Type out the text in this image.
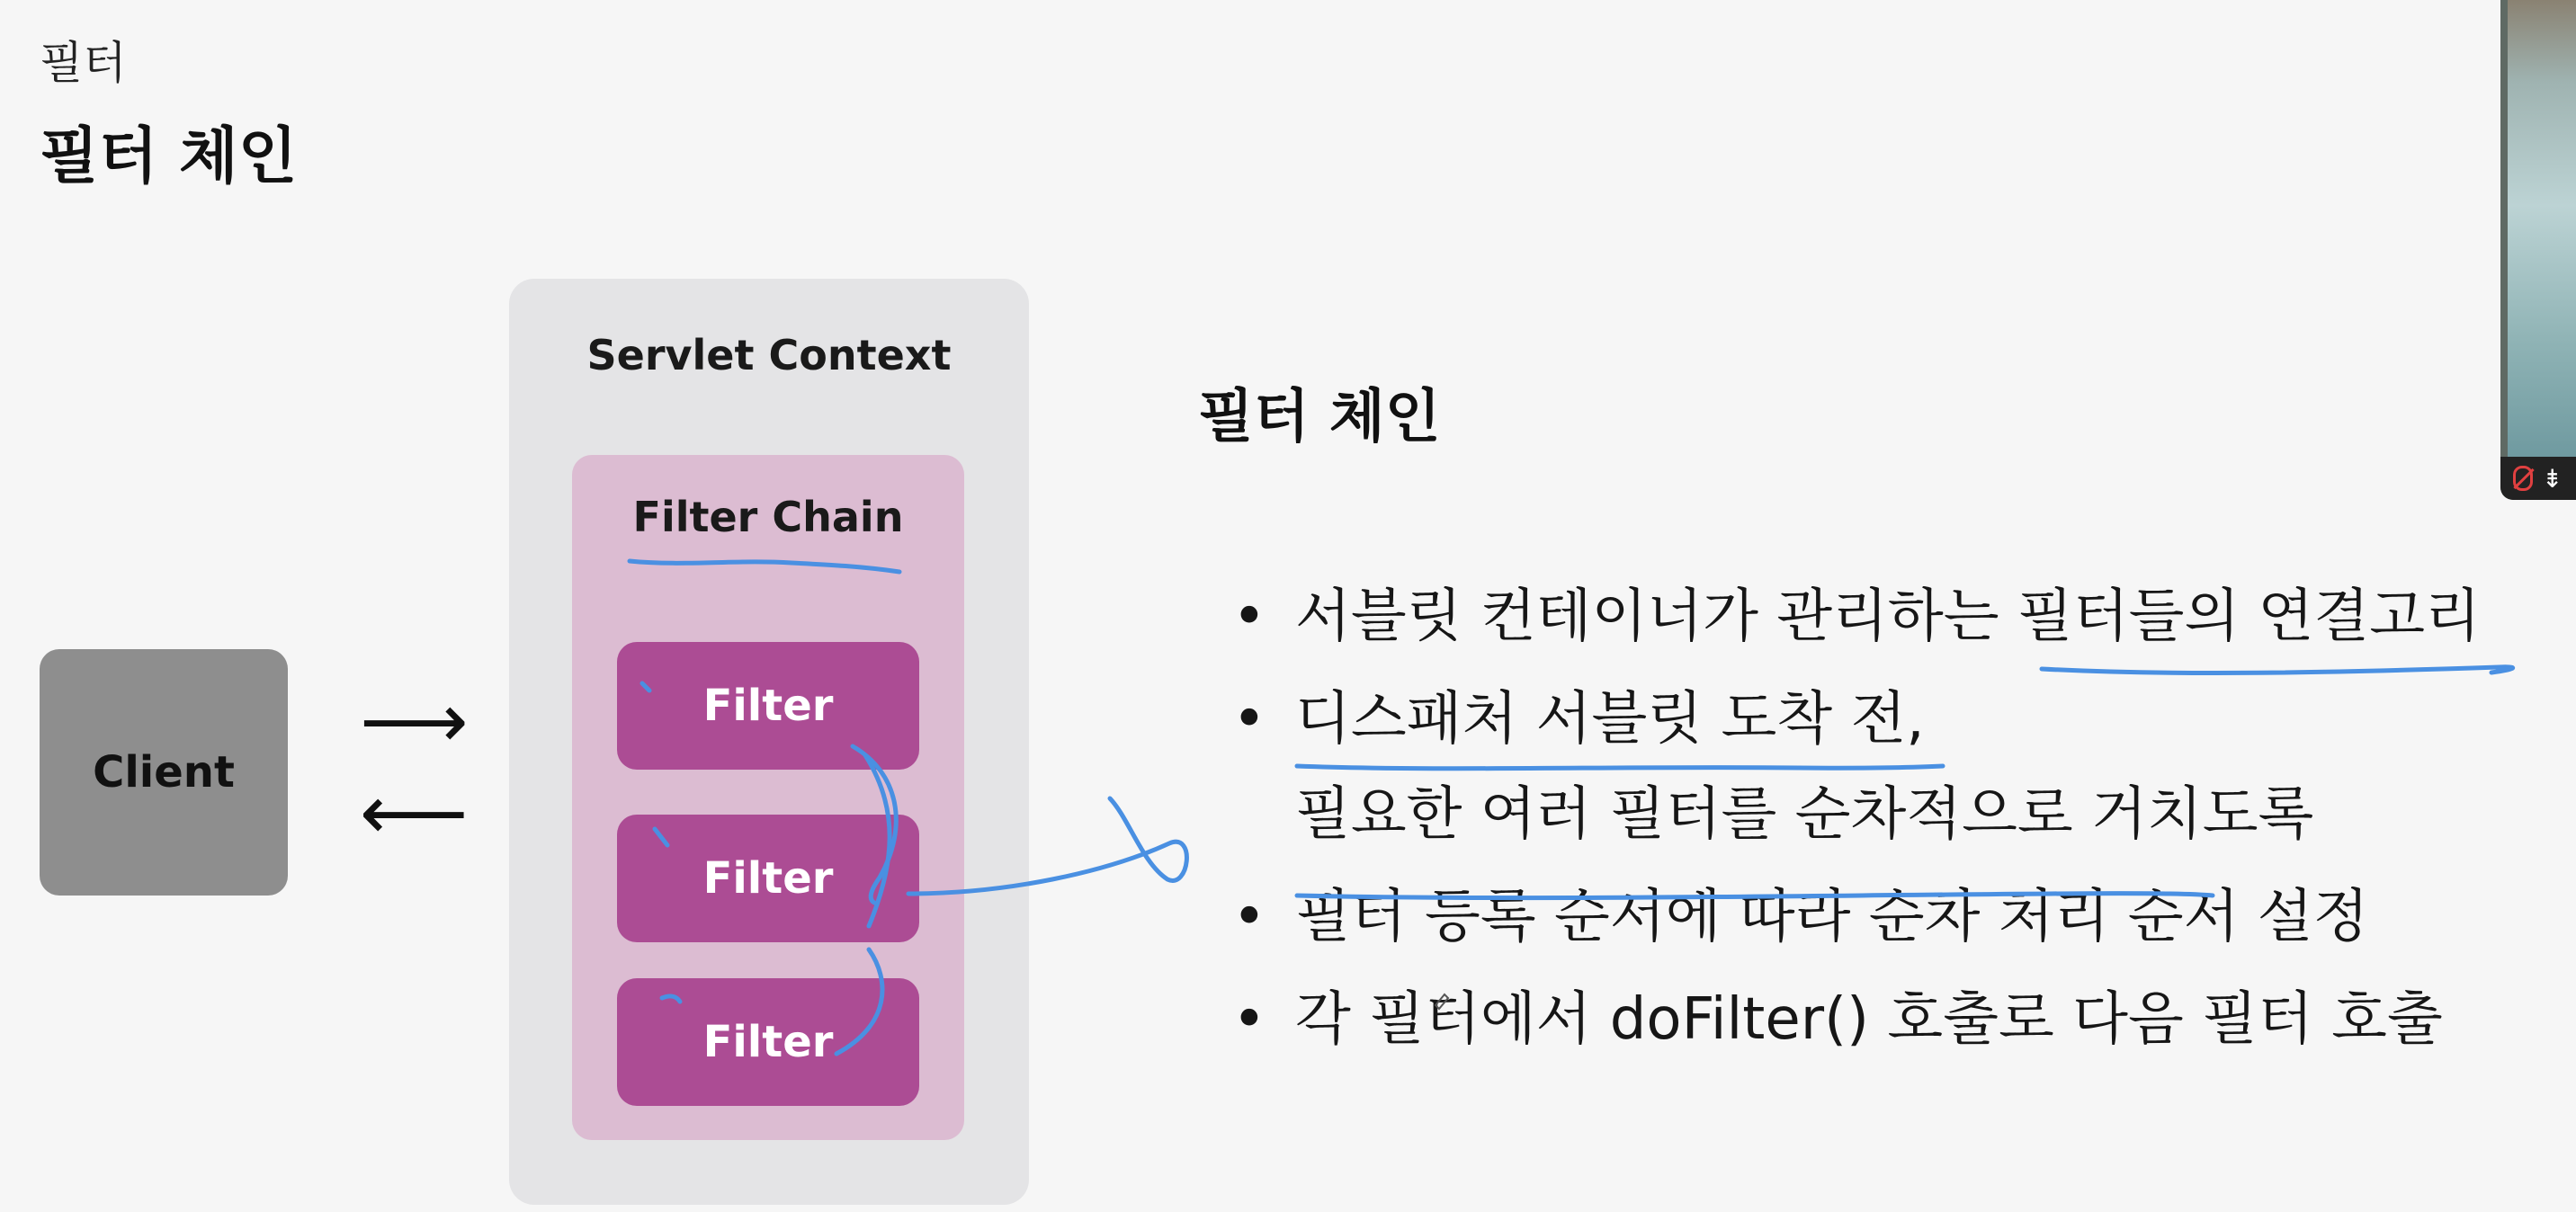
필터
필터 체인
Client
⟶
⟵
Servlet Context
Filter Chain
Filter
Filter
Filter
필터 체인
• 서블릿 컨테이너가 관리하는 필터들의 연결고리
• 디스패처 서블릿 도착 전,
필요한 여러 필터를 순차적으로 거치도록
• 필터 등록 순서에 따라 순차 처리 순서 설정
• 각 필터에서 doFilter() 호출로 다음 필터 호출
⇟
